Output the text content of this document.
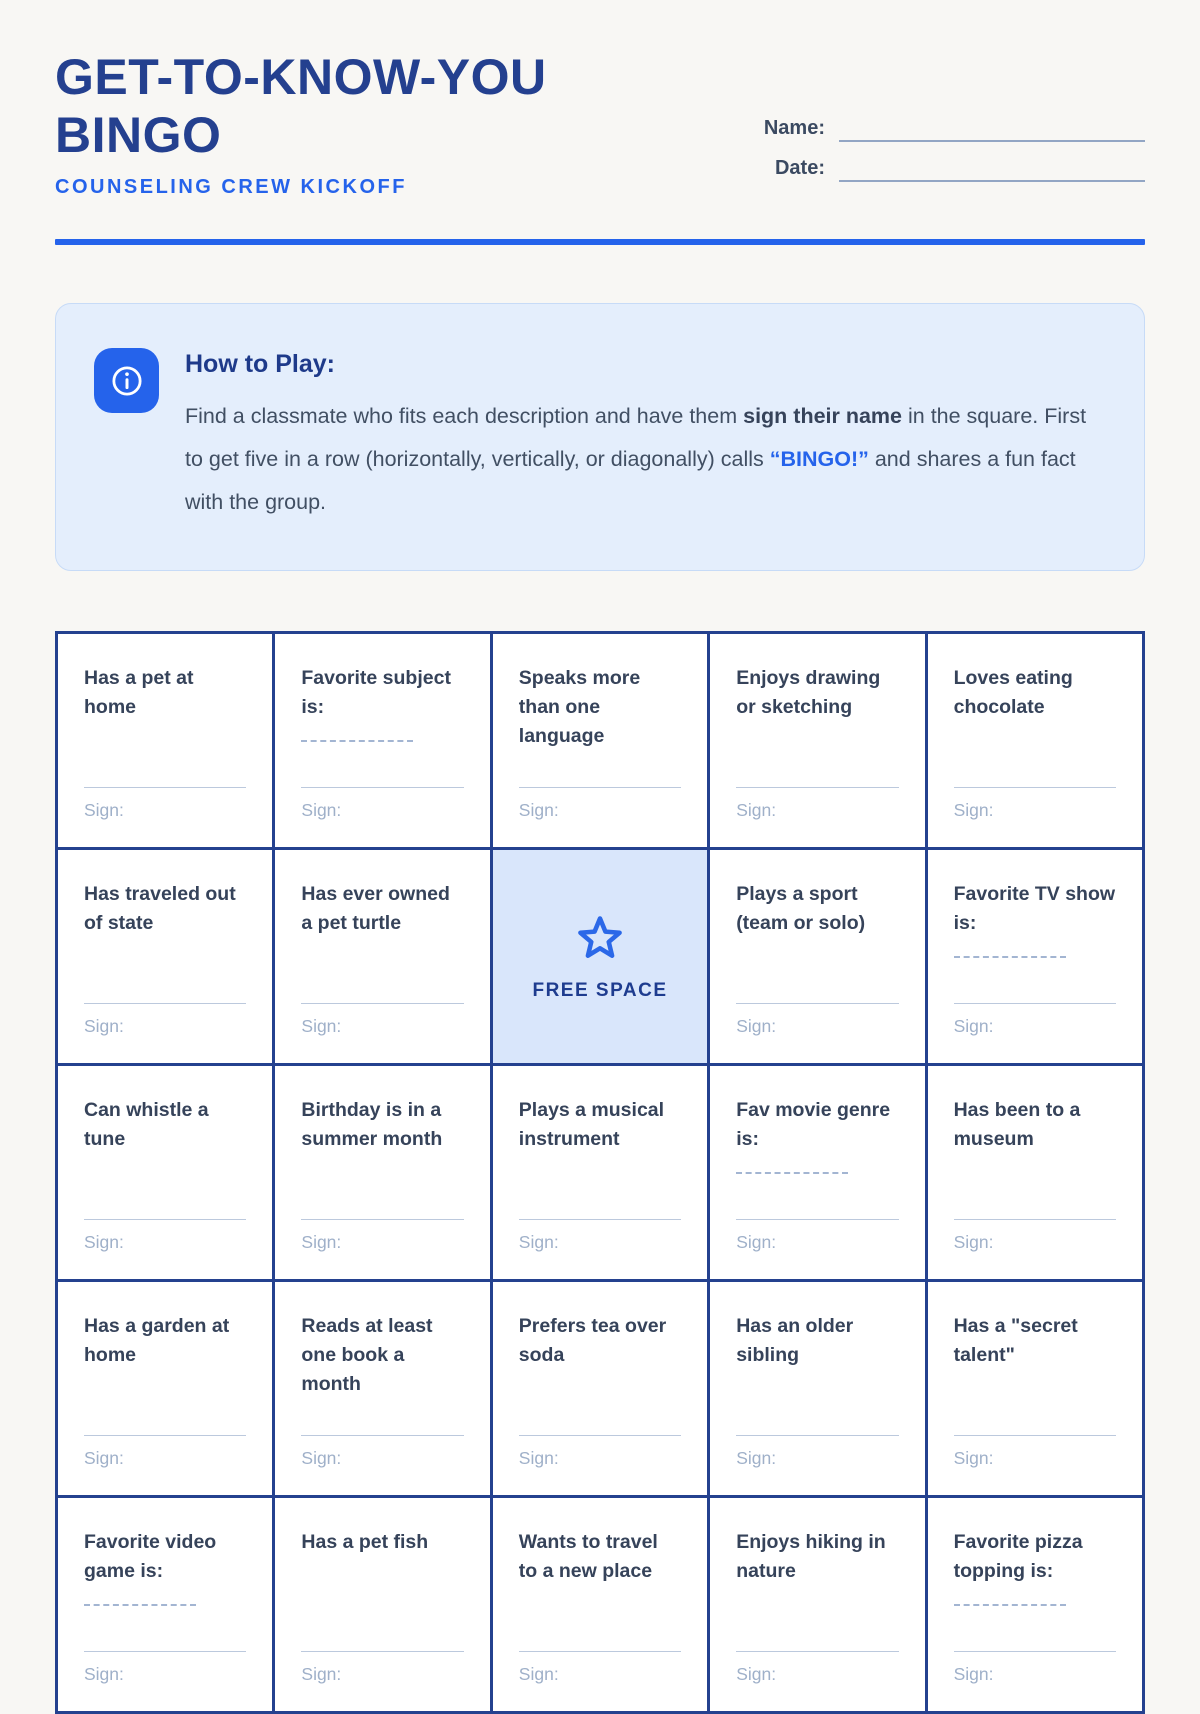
GET-TO-KNOW-YOU BINGO
COUNSELING CREW KICKOFF
Name:
Date:
How to Play:
Find a classmate who fits each description and have them sign their name in the square. First to get five in a row (horizontally, vertically, or diagonally) calls “BINGO!” and shares a fun fact with the group.
Has a pet at home
Sign:
Favorite subject is:
Sign:
Speaks more than one language
Sign:
Enjoys drawing or sketching
Sign:
Loves eating chocolate
Sign:
Has traveled out of state
Sign:
Has ever owned a pet turtle
Sign:
FREE SPACE
Plays a sport (team or solo)
Sign:
Favorite TV show is:
Sign:
Can whistle a tune
Sign:
Birthday is in a summer month
Sign:
Plays a musical instrument
Sign:
Fav movie genre is:
Sign:
Has been to a museum
Sign:
Has a garden at home
Sign:
Reads at least one book a month
Sign:
Prefers tea over soda
Sign:
Has an older sibling
Sign:
Has a "secret talent"
Sign:
Favorite video game is:
Sign:
Has a pet fish
Sign:
Wants to travel to a new place
Sign:
Enjoys hiking in nature
Sign:
Favorite pizza topping is:
Sign:
